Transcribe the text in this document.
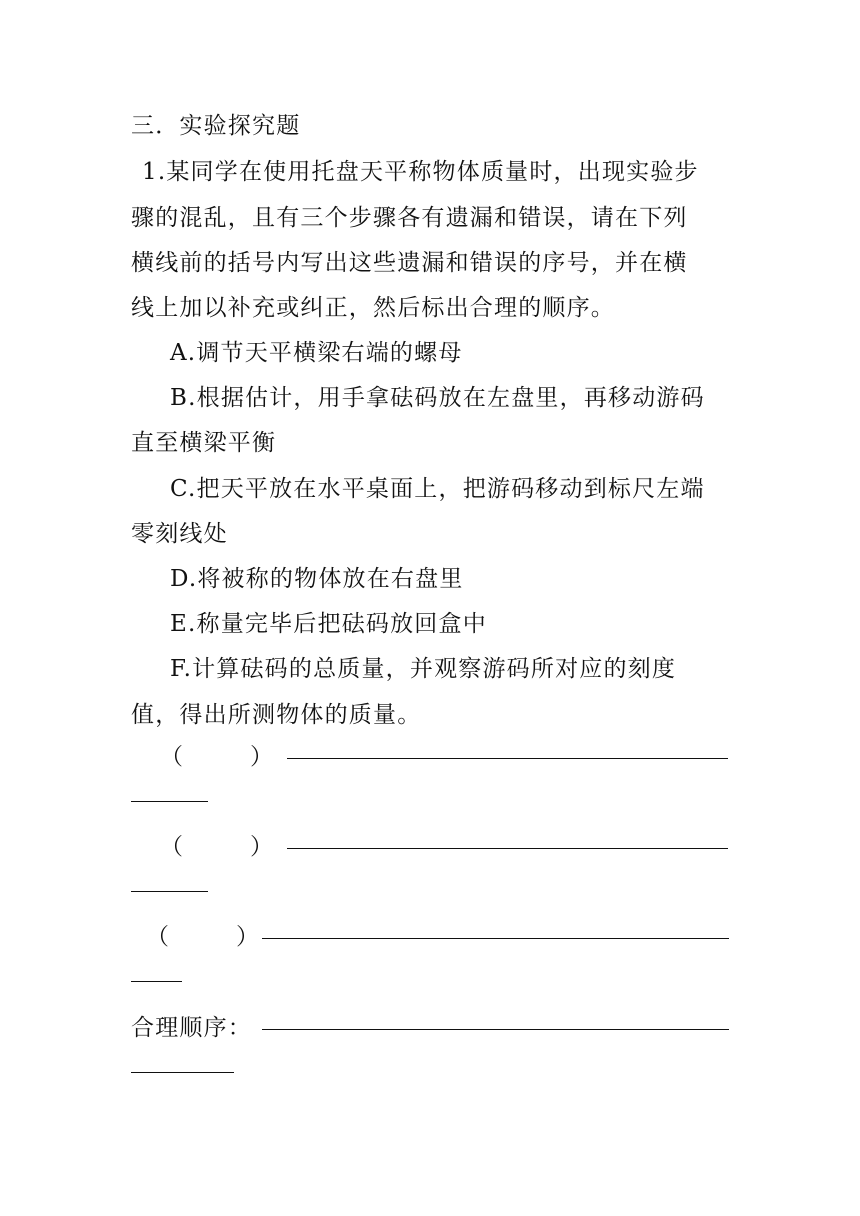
三．实验探究题
1.某同学在使用托盘天平称物体质量时，出现实验步
骤的混乱，且有三个步骤各有遗漏和错误，请在下列
横线前的括号内写出这些遗漏和错误的序号，并在横
线上加以补充或纠正，然后标出合理的顺序。
A.调节天平横梁右端的螺母
B.根据估计，用手拿砝码放在左盘里，再移动游码
直至横梁平衡
C.把天平放在水平桌面上，把游码移动到标尺左端
零刻线处
D.将被称的物体放在右盘里
E.称量完毕后把砝码放回盒中
F.计算砝码的总质量，并观察游码所对应的刻度
值，得出所测物体的质量。
（	）
（	）
（	）
合理顺序：
